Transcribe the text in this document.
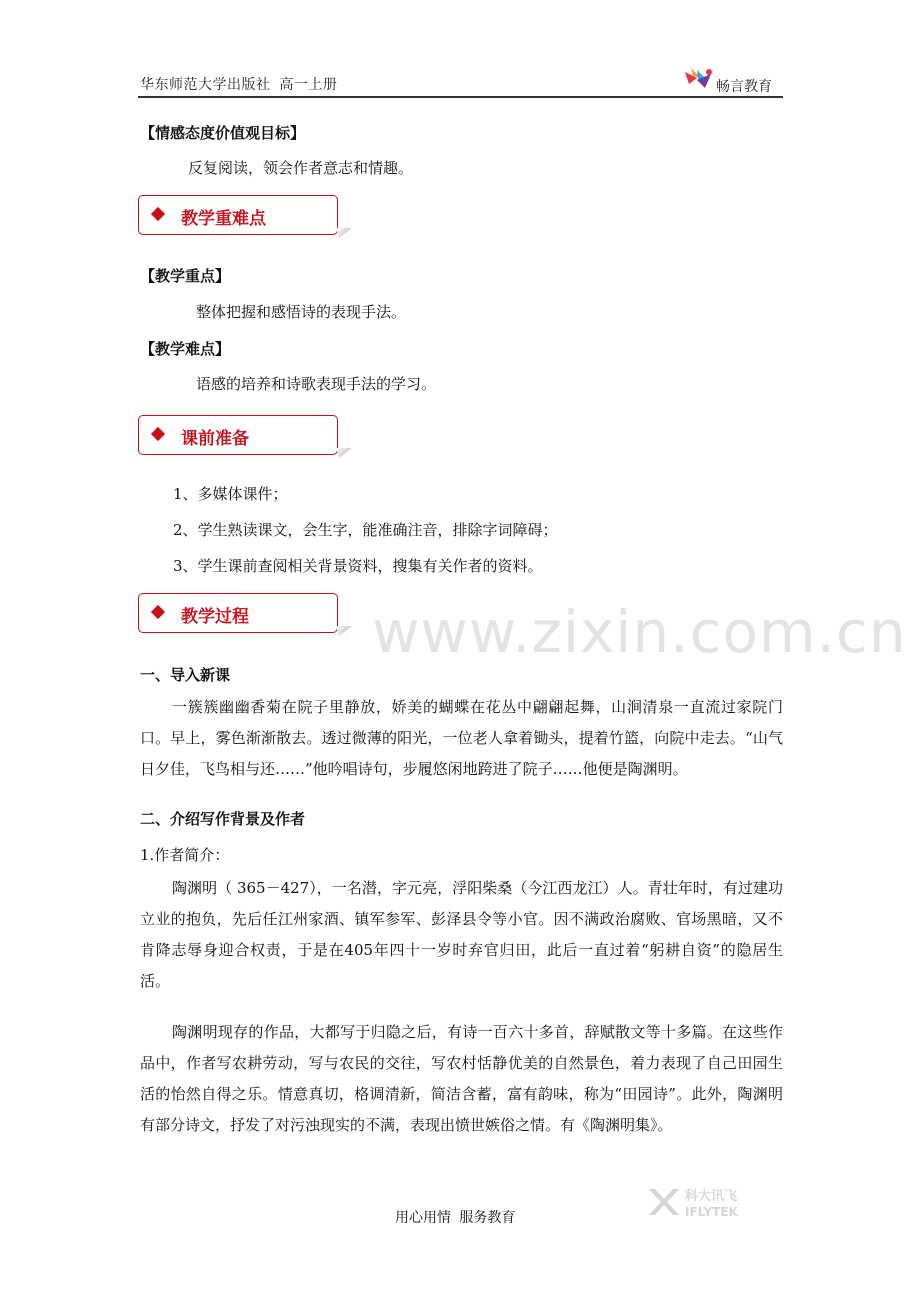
华东师范大学出版社 高一上册	畅言教育
【情感态度价值观目标】
反复阅读，领会作者意志和情趣。
教学重难点
【教学重点】
整体把握和感悟诗的表现手法。
【教学难点】
语感的培养和诗歌表现手法的学习。
课前准备
1、多媒体课件；
2、学生熟读课文，会生字，能准确注音，排除字词障碍；
3、学生课前查阅相关背景资料，搜集有关作者的资料。
教学过程 www.zixin.com.cn
一、导入新课
一簇簇幽幽香菊在院子里静放，娇美的蝴蝶在花丛中翩翩起舞，山涧清泉一直流过家院门口。早上，雾色渐渐散去。透过微薄的阳光，一位老人拿着锄头，提着竹篮，向院中走去。“山气日夕佳，飞鸟相与还……”他吟唱诗句，步履悠闲地跨进了院子……他便是陶渊明。
二、介绍写作背景及作者
1.作者简介：
陶渊明（ 365－427），一名潜，字元亮，浮阳柴桑（今江西龙江）人。青壮年时，有过建功立业的抱负，先后任江州家酒、镇军参军、彭泽县令等小官。因不满政治腐败、官场黑暗，又不肯降志辱身迎合权责，于是在405年四十一岁时弃官归田，此后一直过着“躬耕自资”的隐居生活。
陶渊明现存的作品，大都写于归隐之后，有诗一百六十多首，辞赋散文等十多篇。在这些作品中，作者写农耕劳动，写与农民的交往，写农村恬静优美的自然景色，着力表现了自己田园生活的怡然自得之乐。情意真切，格调清新，简洁含蓄，富有韵味，称为“田园诗”。此外，陶渊明有部分诗文，抒发了对污浊现实的不满，表现出愤世嫉俗之情。有《陶渊明集》。
用心用情 服务教育
科大讯飞
IFLYTEK
